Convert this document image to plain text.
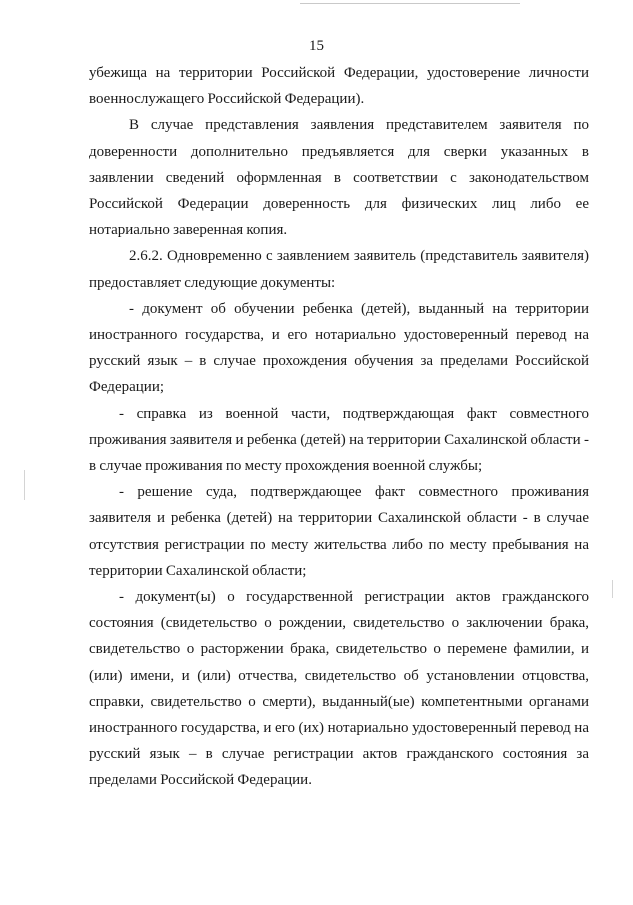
15

убежища на территории Российской Федерации, удостоверение личности военнослужащего Российской Федерации).

В случае представления заявления представителем заявителя по доверенности дополнительно предъявляется для сверки указанных в заявлении сведений оформленная в соответствии с законодательством Российской Федерации доверенность для физических лиц либо ее нотариально заверенная копия.

2.6.2. Одновременно с заявлением заявитель (представитель заявителя) предоставляет следующие документы:

- документ об обучении ребенка (детей), выданный на территории иностранного государства, и его нотариально удостоверенный перевод на русский язык – в случае прохождения обучения за пределами Российской Федерации;

- справка из военной части, подтверждающая факт совместного проживания заявителя и ребенка (детей) на территории Сахалинской области - в случае проживания по месту прохождения военной службы;

- решение суда, подтверждающее факт совместного проживания заявителя и ребенка (детей) на территории Сахалинской области - в случае отсутствия регистрации по месту жительства либо по месту пребывания на территории Сахалинской области;

- документ(ы) о государственной регистрации актов гражданского состояния (свидетельство о рождении, свидетельство о заключении брака, свидетельство о расторжении брака, свидетельство о перемене фамилии, и (или) имени, и (или) отчества, свидетельство об установлении отцовства, справки, свидетельство о смерти), выданный(ые) компетентными органами иностранного государства, и его (их) нотариально удостоверенный перевод на русский язык – в случае регистрации актов гражданского состояния за пределами Российской Федерации.
